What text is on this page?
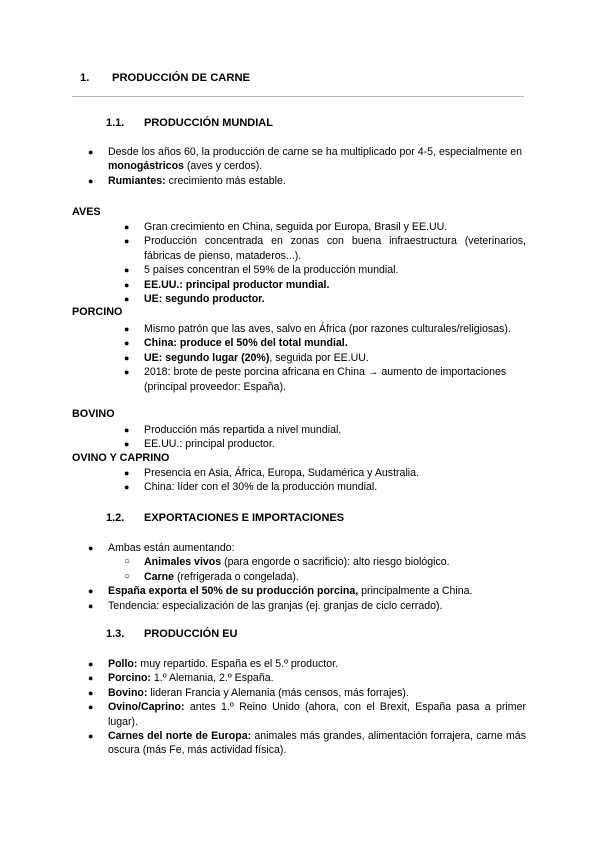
1. PRODUCCIÓN DE CARNE
1.1. PRODUCCIÓN MUNDIAL
● Desde los años 60, la producción de carne se ha multiplicado por 4-5, especialmente en monogástricos (aves y cerdos).
● Rumiantes: crecimiento más estable.
AVES
● Gran crecimiento en China, seguida por Europa, Brasil y EE.UU.
● Producción concentrada en zonas con buena infraestructura (veterinarios, fábricas de pienso, mataderos...).
● 5 países concentran el 59% de la producción mundial.
● EE.UU.: principal productor mundial.
● UE: segundo productor.
PORCINO
● Mismo patrón que las aves, salvo en África (por razones culturales/religiosas).
● China: produce el 50% del total mundial.
● UE: segundo lugar (20%), seguida por EE.UU.
● 2018: brote de peste porcina africana en China → aumento de importaciones (principal proveedor: España).
BOVINO
● Producción más repartida a nivel mundial.
● EE.UU.: principal productor.
OVINO Y CAPRINO
● Presencia en Asia, África, Europa, Sudamérica y Australia.
● China: líder con el 30% de la producción mundial.
1.2. EXPORTACIONES E IMPORTACIONES
● Ambas están aumentando:
○ Animales vivos (para engorde o sacrificio): alto riesgo biológico.
○ Carne (refrigerada o congelada).
● España exporta el 50% de su producción porcina, principalmente a China.
● Tendencia: especialización de las granjas (ej. granjas de ciclo cerrado).
1.3. PRODUCCIÓN EU
● Pollo: muy repartido. España es el 5.º productor.
● Porcino: 1.º Alemania, 2.º España.
● Bovino: lideran Francia y Alemania (más censos, más forrajes).
● Ovino/Caprino: antes 1.º Reino Unido (ahora, con el Brexit, España pasa a primer lugar).
● Carnes del norte de Europa: animales más grandes, alimentación forrajera, carne más oscura (más Fe, más actividad física).
